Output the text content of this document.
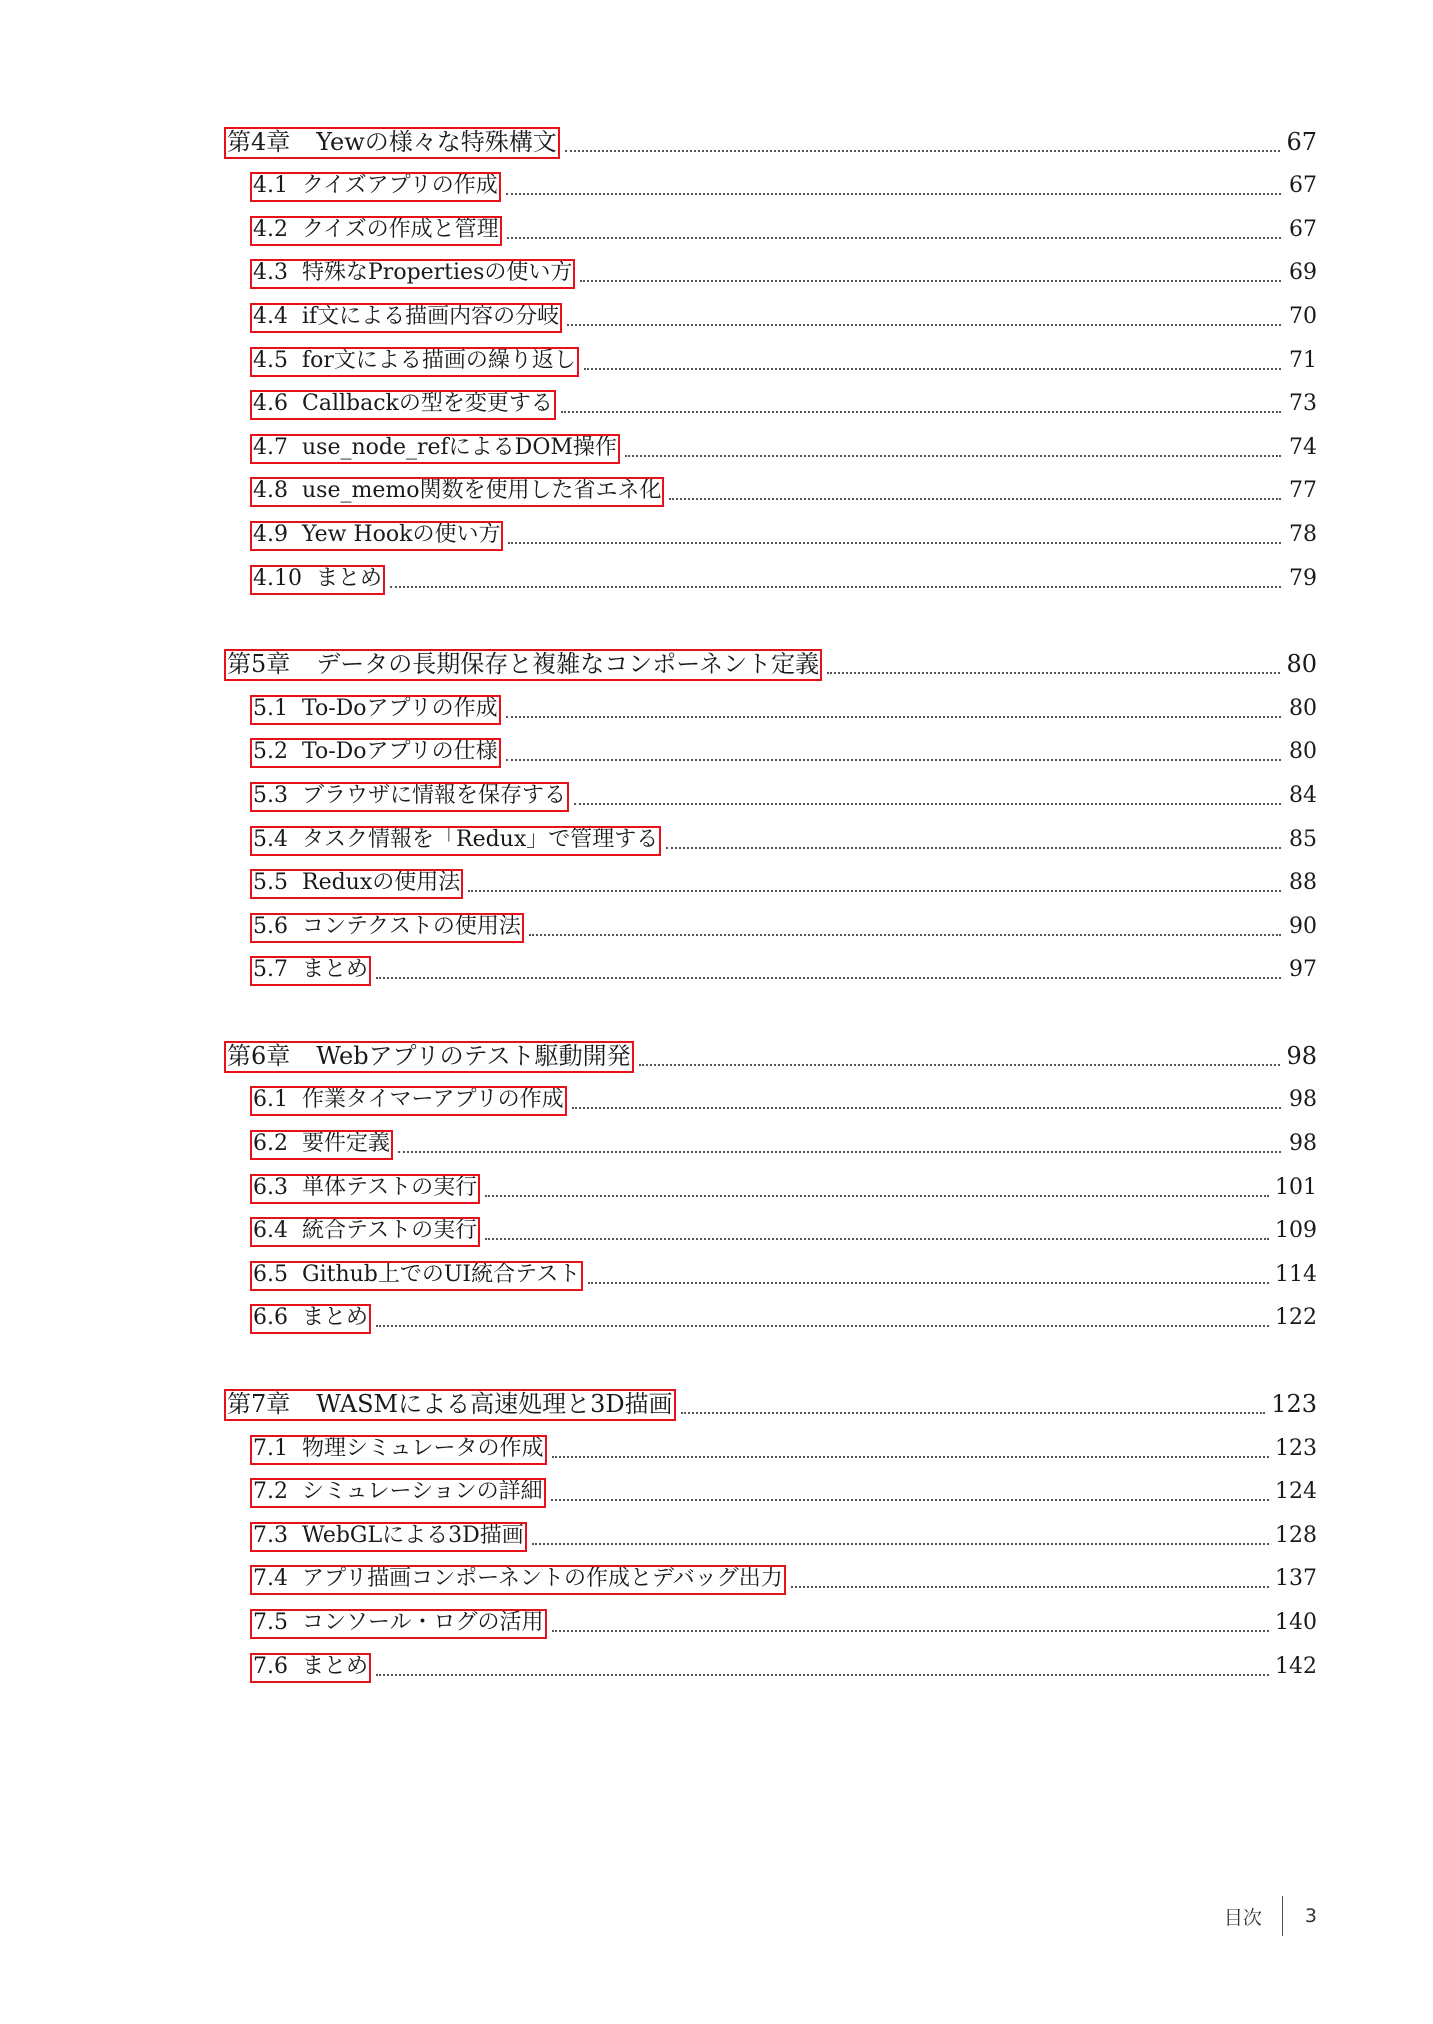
第4章 Yewの様々な特殊構文	67
4.1 クイズアプリの作成	67
4.2 クイズの作成と管理	67
4.3 特殊なPropertiesの使い方	69
4.4 if文による描画内容の分岐	70
4.5 for文による描画の繰り返し	71
4.6 Callbackの型を変更する	73
4.7 use_node_refによるDOM操作	74
4.8 use_memo関数を使用した省エネ化	77
4.9 Yew Hookの使い方	78
4.10 まとめ	79
第5章 データの長期保存と複雑なコンポーネント定義	80
5.1 To-Doアプリの作成	80
5.2 To-Doアプリの仕様	80
5.3 ブラウザに情報を保存する	84
5.4 タスク情報を「Redux」で管理する	85
5.5 Reduxの使用法	88
5.6 コンテクストの使用法	90
5.7 まとめ	97
第6章 Webアプリのテスト駆動開発	98
6.1 作業タイマーアプリの作成	98
6.2 要件定義	98
6.3 単体テストの実行	101
6.4 統合テストの実行	109
6.5 Github上でのUI統合テスト	114
6.6 まとめ	122
第7章 WASMによる高速処理と3D描画	123
7.1 物理シミュレータの作成	123
7.2 シミュレーションの詳細	124
7.3 WebGLによる3D描画	128
7.4 アプリ描画コンポーネントの作成とデバッグ出力	137
7.5 コンソール・ログの活用	140
7.6 まとめ	142
目次 3
